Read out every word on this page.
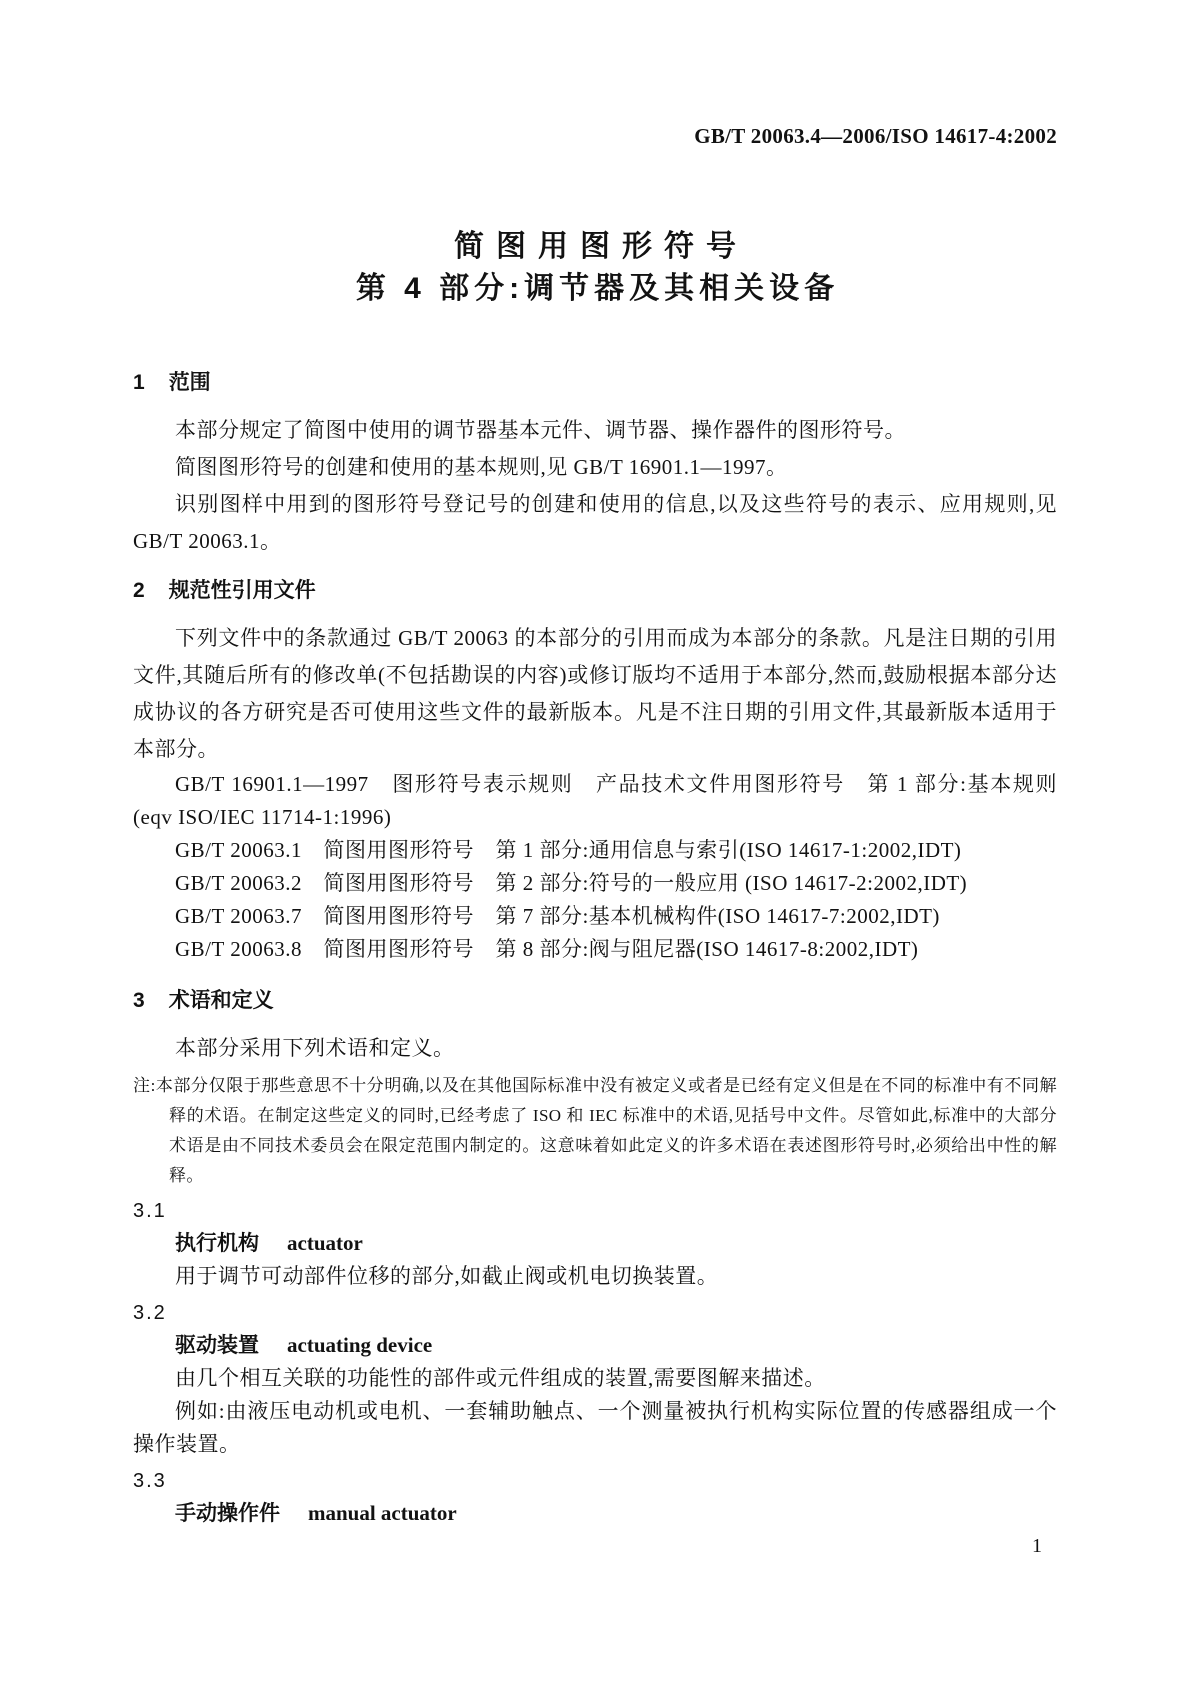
GB/T 20063.4—2006/ISO 14617-4:2002
简图用图形符号
第 4 部分:调节器及其相关设备
1 范围

本部分规定了简图中使用的调节器基本元件、调节器、操作器件的图形符号。

简图图形符号的创建和使用的基本规则,见 GB/T 16901.1—1997。

识别图样中用到的图形符号登记号的创建和使用的信息,以及这些符号的表示、应用规则,见 GB/T 20063.1。

2 规范性引用文件

下列文件中的条款通过 GB/T 20063 的本部分的引用而成为本部分的条款。凡是注日期的引用文件,其随后所有的修改单(不包括勘误的内容)或修订版均不适用于本部分,然而,鼓励根据本部分达成协议的各方研究是否可使用这些文件的最新版本。凡是不注日期的引用文件,其最新版本适用于本部分。

GB/T 16901.1—1997　图形符号表示规则　产品技术文件用图形符号　第 1 部分:基本规则(eqv ISO/IEC 11714-1:1996)

GB/T 20063.1　简图用图形符号　第 1 部分:通用信息与索引(ISO 14617-1:2002,IDT)

GB/T 20063.2　简图用图形符号　第 2 部分:符号的一般应用 (ISO 14617-2:2002,IDT)

GB/T 20063.7　简图用图形符号　第 7 部分:基本机械构件(ISO 14617-7:2002,IDT)

GB/T 20063.8　简图用图形符号　第 8 部分:阀与阻尼器(ISO 14617-8:2002,IDT)

3 术语和定义

本部分采用下列术语和定义。

注:本部分仅限于那些意思不十分明确,以及在其他国际标准中没有被定义或者是已经有定义但是在不同的标准中有不同解释的术语。在制定这些定义的同时,已经考虑了 ISO 和 IEC 标准中的术语,见括号中文件。尽管如此,标准中的大部分术语是由不同技术委员会在限定范围内制定的。这意味着如此定义的许多术语在表述图形符号时,必须给出中性的解释。

3.1

执行机构 actuator

用于调节可动部件位移的部分,如截止阀或机电切换装置。

3.2

驱动装置 actuating device

由几个相互关联的功能性的部件或元件组成的装置,需要图解来描述。

例如:由液压电动机或电机、一套辅助触点、一个测量被执行机构实际位置的传感器组成一个操作装置。

3.3

手动操作件 manual actuator

1
